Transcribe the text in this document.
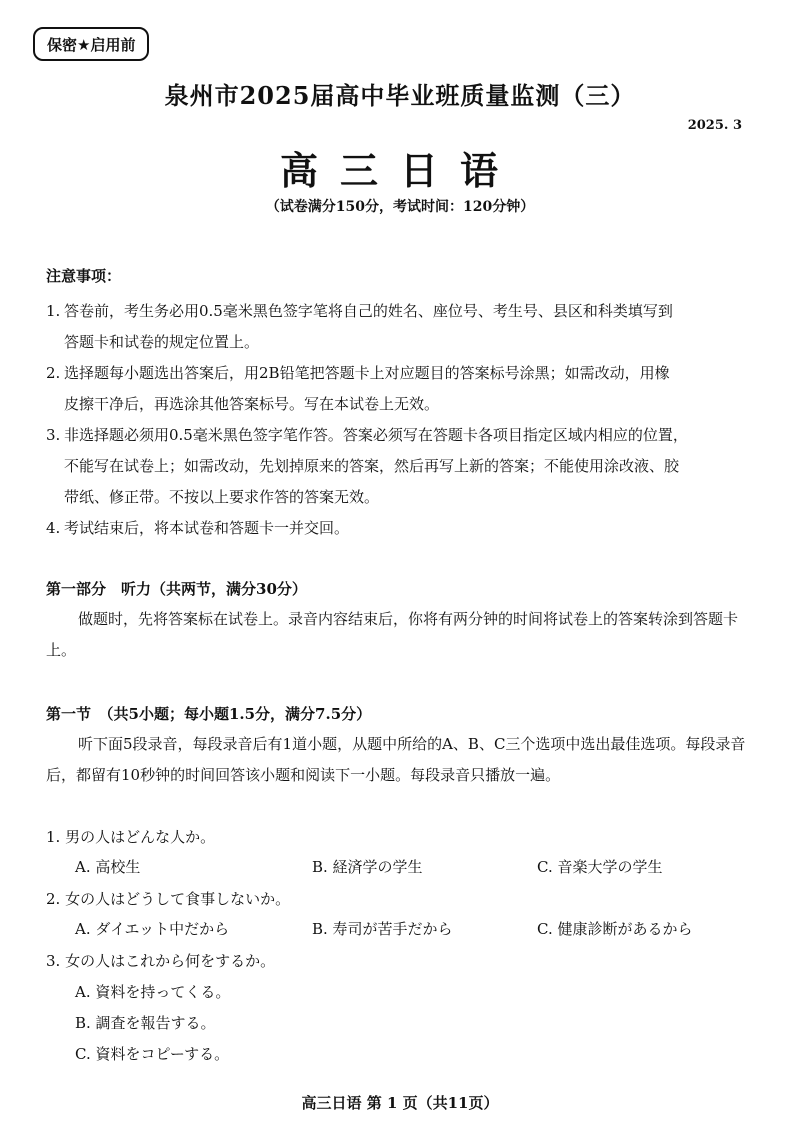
保密★启用前
泉州市2025届高中毕业班质量监测（三）
2025. 3
高三日语
（试卷满分150分，考试时间：120分钟）
注意事项：
1. 答卷前，考生务必用0.5毫米黑色签字笔将自己的姓名、座位号、考生号、县区和科类填写到
答题卡和试卷的规定位置上。
2. 选择题每小题选出答案后，用2B铅笔把答题卡上对应题目的答案标号涂黑；如需改动，用橡
皮擦干净后，再选涂其他答案标号。写在本试卷上无效。
3. 非选择题必须用0.5毫米黑色签字笔作答。答案必须写在答题卡各项目指定区域内相应的位置，
不能写在试卷上；如需改动，先划掉原来的答案，然后再写上新的答案；不能使用涂改液、胶
带纸、修正带。不按以上要求作答的答案无效。
4. 考试结束后，将本试卷和答题卡一并交回。
第一部分　听力（共两节，满分30分）
做题时，先将答案标在试卷上。录音内容结束后，你将有两分钟的时间将试卷上的答案转涂到答题卡上。
第一节　（共5小题；每小题1.5分，满分7.5分）
听下面5段录音，每段录音后有1道小题，从题中所给的A、B、C三个选项中选出最佳选项。每段录音后，都留有10秒钟的时间回答该小题和阅读下一小题。每段录音只播放一遍。
1. 男の人はどんな人か。
A. 高校生	B. 経済学の学生	C. 音楽大学の学生
2. 女の人はどうして食事しないか。
A. ダイエット中だから	B. 寿司が苦手だから	C. 健康診断があるから
3. 女の人はこれから何をするか。
A. 資料を持ってくる。
B. 調査を報告する。
C. 資料をコピーする。
高三日语 第 1 页（共11页）
